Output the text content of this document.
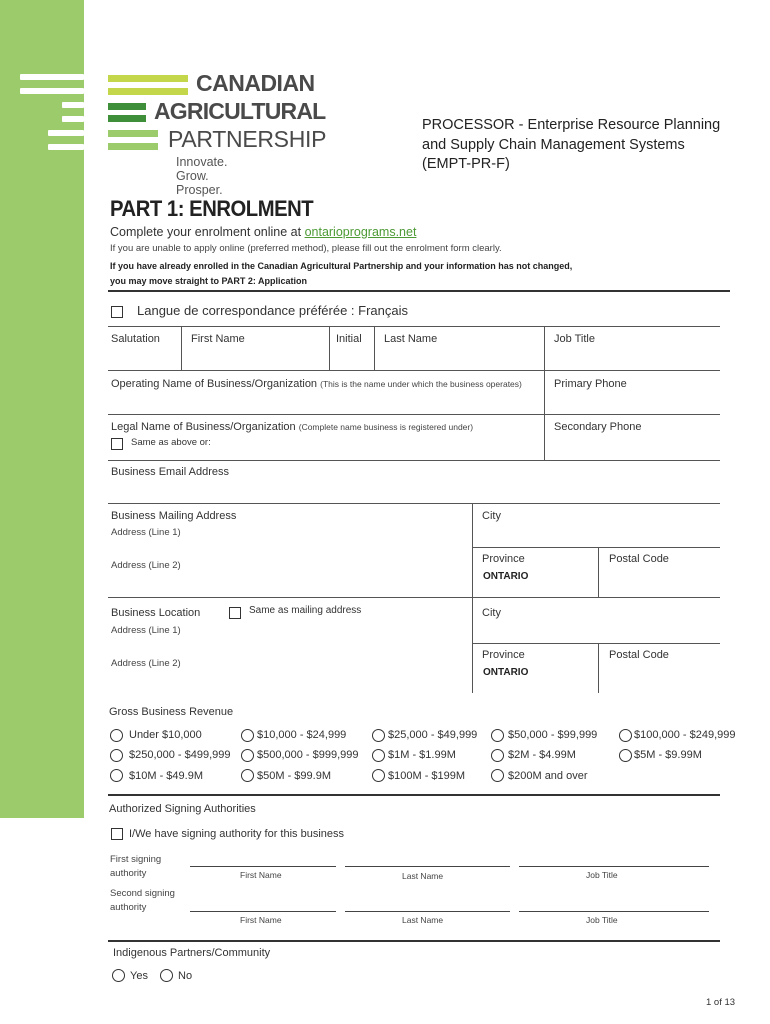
CANADIAN
AGRICULTURAL
PARTNERSHIP
Innovate. Grow. Prosper.
PROCESSOR - Enterprise Resource Planning
and Supply Chain Management Systems
(EMPT-PR-F)
PART 1: ENROLMENT
Complete your enrolment online at ontarioprograms.net
If you are unable to apply online (preferred method), please fill out the enrolment form clearly.
If you have already enrolled in the Canadian Agricultural Partnership and your information has not changed,
you may move straight to PART 2: Application
Langue de correspondance préférée : Français
Salutation	First Name	Initial Last Name	Job Title
Operating Name of Business/Organization (This is the name under which the business operates)	Primary Phone
Legal Name of Business/Organization (Complete name business is registered under)
Same as above or:
Secondary Phone
Business Email Address
Business Mailing Address
Address (Line 1)
Address (Line 2)
City
Province
ONTARIO
Postal Code
Business Location	Same as mailing address
Address (Line 1)
Address (Line 2)
City
Province
ONTARIO
Postal Code
Gross Business Revenue
Under $10,000	$10,000 - $24,999	$25,000 - $49,999	$50,000 - $99,999	$100,000 - $249,999
$250,000 - $499,999 $500,000 - $999,999	$1M - $1.99M	$2M - $4.99M	$5M - $9.99M
$10M - $49.9M	$50M - $99.9M	$100M - $199M	$200M and over
Authorized Signing Authorities
I/We have signing authority for this business
First signing
authority	First Name	Last Name	Job Title
Second signing
authority
First Name	Last Name	Job Title
Indigenous Partners/Community
Yes	No
1 of 13
